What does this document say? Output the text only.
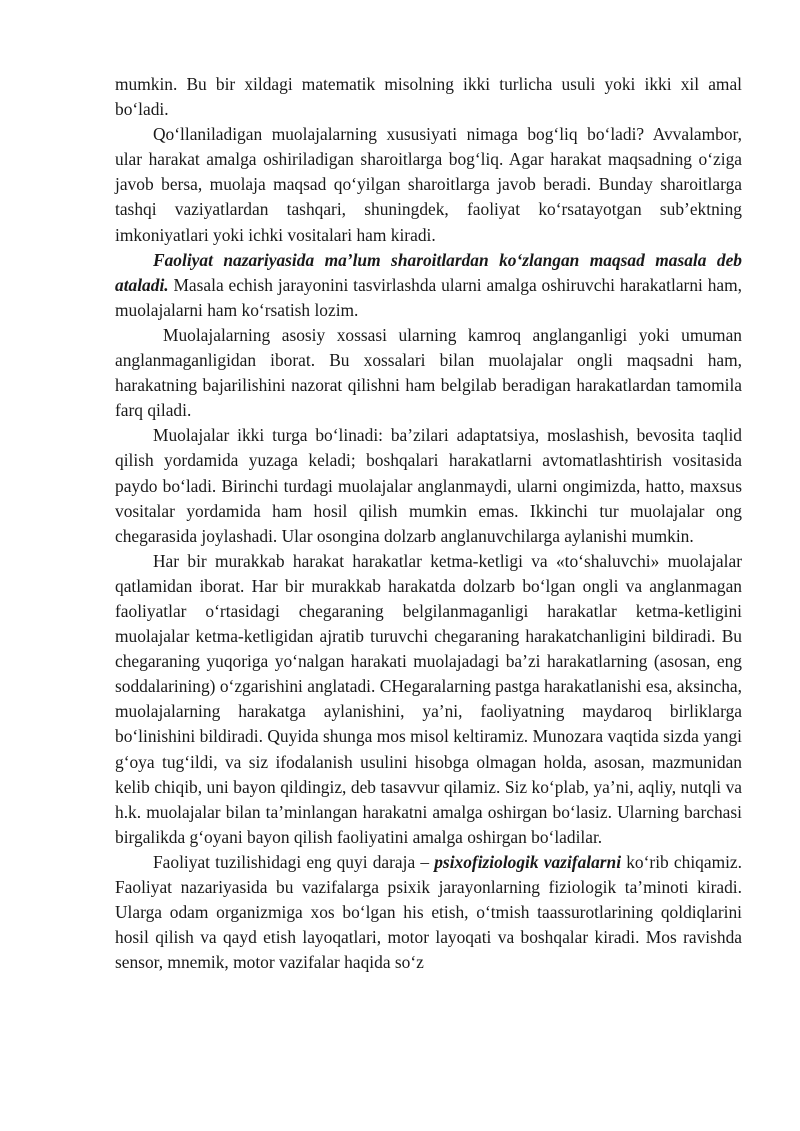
mumkin. Bu bir xildagi matematik misolning ikki turlicha usuli yoki ikki xil amal bo‘ladi.

Qo‘llaniladigan muolajalarning xususiyati nimaga bog‘liq bo‘ladi? Avvalambor, ular harakat amalga oshiriladigan sharoitlarga bog‘liq. Agar harakat maqsadning o‘ziga javob bersa, muolaja maqsad qo‘yilgan sharoitlarga javob beradi. Bunday sharoitlarga tashqi vaziyatlardan tashqari, shuningdek, faoliyat ko‘rsatayotgan sub’ektning imkoniyatlari yoki ichki vositalari ham kiradi.

Faoliyat nazariyasida ma’lum sharoitlardan ko‘zlangan maqsad masala deb ataladi. Masala echish jarayonini tasvirlashda ularni amalga oshiruvchi harakatlarni ham, muolajalarni ham ko‘rsatish lozim.

Muolajalarning asosiy xossasi ularning kamroq anglanganligi yoki umuman anglanmaganligidan iborat. Bu xossalari bilan muolajalar ongli maqsadni ham, harakatning bajarilishini nazorat qilishni ham belgilab beradigan harakatlardan tamomila farq qiladi.

Muolajalar ikki turga bo‘linadi: ba’zilari adaptatsiya, moslashish, bevosita taqlid qilish yordamida yuzaga keladi; boshqalari harakatlarni avtomatlashtirish vositasida paydo bo‘ladi. Birinchi turdagi muolajalar anglanmaydi, ularni ongimizda, hatto, maxsus vositalar yordamida ham hosil qilish mumkin emas. Ikkinchi tur muolajalar ong chegarasida joylashadi. Ular osongina dolzarb anglanuvchilarga aylanishi mumkin.

Har bir murakkab harakat harakatlar ketma-ketligi va «to‘shaluvchi» muolajalar qatlamidan iborat. Har bir murakkab harakatda dolzarb bo‘lgan ongli va anglanmagan faoliyatlar o‘rtasidagi chegaraning belgilanmaganligi harakatlar ketma-ketligini muolajalar ketma-ketligidan ajratib turuvchi chegaraning harakatchanligini bildiradi. Bu chegaraning yuqoriga yo‘nalgan harakati muolajadagi ba’zi harakatlarning (asosan, eng soddalarining) o‘zgarishini anglatadi. CHegaralarning pastga harakatlanishi esa, aksincha, muolajalarning harakatga aylanishini, ya’ni, faoliyatning maydaroq birliklarga bo‘linishini bildiradi. Quyida shunga mos misol keltiramiz. Munozara vaqtida sizda yangi g‘oya tug‘ildi, va siz ifodalanish usulini hisobga olmagan holda, asosan, mazmunidan kelib chiqib, uni bayon qildingiz, deb tasavvur qilamiz. Siz ko‘plab, ya’ni, aqliy, nutqli va h.k. muolajalar bilan ta’minlangan harakatni amalga oshirgan bo‘lasiz. Ularning barchasi birgalikda g‘oyani bayon qilish faoliyatini amalga oshirgan bo‘ladilar.

Faoliyat tuzilishidagi eng quyi daraja – psixofiziologik vazifalarni ko‘rib chiqamiz. Faoliyat nazariyasida bu vazifalarga psixik jarayonlarning fiziologik ta’minoti kiradi. Ularga odam organizmiga xos bo‘lgan his etish, o‘tmish taassurotlarining qoldiqlarini hosil qilish va qayd etish layoqatlari, motor layoqati va boshqalar kiradi. Mos ravishda sensor, mnemik, motor vazifalar haqida so‘z
